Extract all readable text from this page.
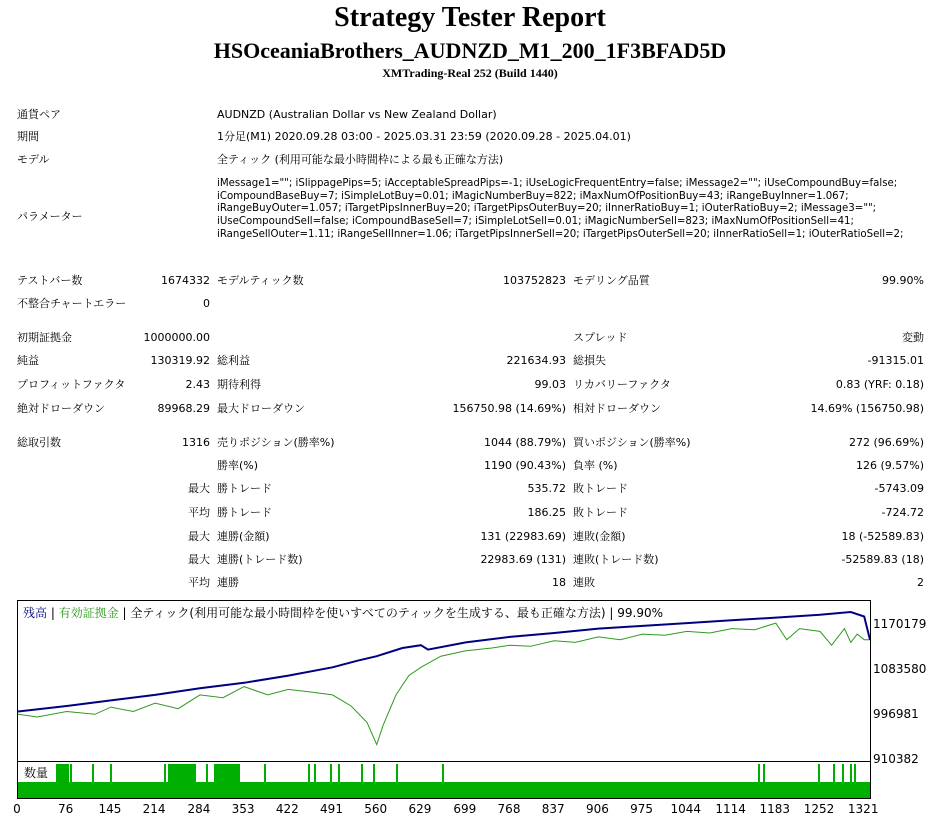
Strategy Tester Report
HSOceaniaBrothers_AUDNZD_M1_200_1F3BFAD5D
XMTrading-Real 252 (Build 1440)
通貨ペア	AUDNZD (Australian Dollar vs New Zealand Dollar)
期間	1分足(M1) 2020.09.28 03:00 - 2025.03.31 23:59 (2020.09.28 - 2025.04.01)
モデル	全ティック (利用可能な最小時間枠による最も正確な方法)
パラメーター
iMessage1=""; iSlippagePips=5; iAcceptableSpreadPips=-1; iUseLogicFrequentEntry=false; iMessage2=""; iUseCompoundBuy=false; iCompoundBaseBuy=7; iSimpleLotBuy=0.01; iMagicNumberBuy=822; iMaxNumOfPositionBuy=43; iRangeBuyInner=1.067; iRangeBuyOuter=1.057; iTargetPipsInnerBuy=20; iTargetPipsOuterBuy=20; iInnerRatioBuy=1; iOuterRatioBuy=2; iMessage3=""; iUseCompoundSell=false; iCompoundBaseSell=7; iSimpleLotSell=0.01; iMagicNumberSell=823; iMaxNumOfPositionSell=41; iRangeSellOuter=1.11; iRangeSellInner=1.06; iTargetPipsInnerSell=20; iTargetPipsOuterSell=20; iInnerRatioSell=1; iOuterRatioSell=2;
テストバー数	1674332 モデルティック数	103752823 モデリング品質	99.90%
不整合チャートエラー	0
初期証拠金	1000000.00	スプレッド	変動
純益	130319.92 総利益	221634.93 総損失	-91315.01
プロフィットファクタ	2.43 期待利得	99.03 リカバリーファクタ	0.83 (YRF: 0.18)
絶対ドローダウン	89968.29 最大ドローダウン	156750.98 (14.69%) 相対ドローダウン	14.69% (156750.98)
総取引数	1316 売りポジション(勝率%)	1044 (88.79%) 買いポジション(勝率%)	272 (96.69%)
勝率(%)	1190 (90.43%) 負率 (%)	126 (9.57%)
最大 勝トレード	535.72 敗トレード	-5743.09
平均 勝トレード	186.25 敗トレード	-724.72
最大 連勝(金額)	131 (22983.69) 連敗(金額)	18 (-52589.83)
最大 連勝(トレード数)	22983.69 (131) 連敗(トレード数)	-52589.83 (18)
平均 連勝	18 連敗	2
残高 | 有効証拠金 | 全ティック(利用可能な最小時間枠を使いすべてのティックを生成する、最も正確な方法) | 99.90%
1170179
1083580
996981
910382
数量
0	76 145 214 284 353 422 491 560 629 699 768 837 906 975 1044 1114 1183 1252 1321
